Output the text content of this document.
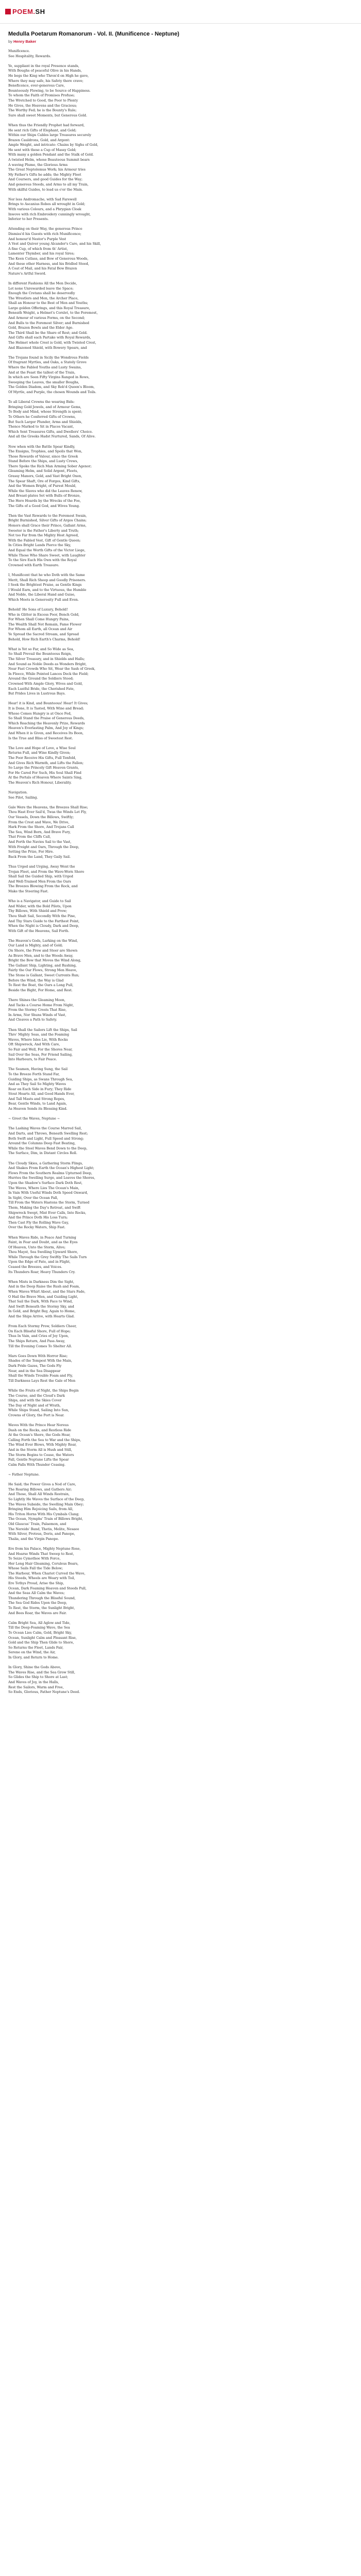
POEM.SH
Medulla Poetarum Romanorum - Vol. II. (Munificence - Neptune)
by Henry Baker
Munificence.
See Hospitality, Rewards.
Ye, suppliant in the royal Presence stands,
With Boughs of peaceful Olive in his Hands,
He begs the King who Thron'd on High he gave,
Where they may safe, his Safety there crave;
Beneficence, ever-generous Care,
Bounteously Flowing, to be Source of Happiness.
To whom the Faith of Promises Profuse;
The Wretched to Good, the Poor to Plenty
He Gives, the Heavens and the Gracious;
The Worthy Fed; he is the Bounty's Rule;
Sure shall sweet Moments, but Generous Gold.
When thus the Friendly Prophet had forward,
He sent rich Gifts of Elephant, and Gold;
Within our Ships Cables large Treasures securely
Brazen Cauldrons, Gold, and Argent:
Ample Weight, and intricate: Chains by Sighs of Gold,
He sent with these a Cup of Massy Gold;
With many a golden Pendant and the Stalk of Gold.
A twisted Helm, whose Beauteous Summit bears
A waving Plume, the Glorious Arms
The Great Neptolemus Work; his Armour tries
My Father's Gifts he adds; the Mighty Fleet
And Coursers, and good Guides for the Way;
And generous Steeds, and Arms to all my Train,
With skilful Guides, to lead us o'er the Main.
Nor less Andromache, with Sad Farewell
Brings to Ascanius Robes all wrought in Gold;
With various Colours, and a Phrygian Cloak
Inwove with rich Embroidery cunningly wrought,
Inferior to her Presents.
Attending on their Way, the generous Prince
Dismiss'd his Guests with rich Munificence;
And honour'd Nestor's Purple Vest
A Vest and Quiver young Alcander's Care, and his Skill,
A fine Cup, of which from th' Artist,
Lamenter Thymber, and his royal Sires;
The Keen Cutlass, and Bow of Generous Woods,
And these other Harness, and his Bridled Steed,
A Coat of Mail, and his Fatal Bow Brazen
Nature's Artful Sword.
In different Fashions All the Men Decide,
Let none Unrewarded leave the Space;
Enough the Cretans shall be deservedly
The Wrestlers and Men, the Archer Place,
Shall an Honour to the Best of Men and Youths;
Large golden Offerings, and this Royal Treasure,
Beneath Weight, a Helmet's Corslet, to the Foremost,
And Armour of various Forms, on the Second;
And Bulls to the Foremost Silver; and Burnished
Gold, Brazen Bowls and the Elder Age.
The Third Shall be the Share of Rest; and Gold.
And Gifts shall each Partake with Royal Rewards,
The Helmet whole Crest is Gold, with Twisted Crest,
And Blazoned Shield, with Bowery Spears, and
The Trojans found in Sicily the Wondrous Fields
Of fragrant Myrtles, and Oaks, a Stately Grove
Where the Fabled Youths and Lusty Swains,
And at the Feast the tallest of the Train,
In which are Seen Fifty Virgins Ranged in Rows,
Sweeping the Leaves, the smaller Boughs,
The Golden Diadem, and Sky Rob'd Queen's Bloom,
Of Myrtle, and Purple, the chosen Wounds and Toils.
To all Liberal Crowns the wearing Bids:
Bringing Gold Jewels, and of Armour Gems,
To Body and Mind, whose Strength is spent;
To Others he Conferred Gifts of Crowns,
But Such Larger Plunder, Arms and Shields,
Thence Marked to Sit in Places Vacant,
Which Sent Treasures Gifts, and Dwellers' Choice.
And all the Greeks Hadst Nurtured, Sands, Of Alive.
Now when with the Battle Spear Kindly,
The Ensigns, Trophies, and Spoils that Won,
Those Rewards of Valour, since the Greek
Stand Before the Ships, and Lusty Crews,
There Spoke the Rich Man Arming Sober Agenor;
Gleaming Helm, and Solid Argent, Fleets,
Grassy Manors, Gold, and Vast Bright Oxen,
The Spear Shaft, Ore of Forges, Kind Gifts,
And the Women Bright, of Purest Mould,
While the Slaves who did the Leaves Renew,
And Breast-plates Set with Bulls of Bronze,
The Hero Hoards by the Wrecks of the Foe,
The Gifts of a Good God, and Wives Young.
Then the Vast Rewards to the Foremost Swain,
Bright Burnished, Silver Gifts of Argos Chains;
Honors shall Grace their Prince, Gallant Arms,
Sweeter is the Father's Liberty and Truth;
Not too Far from the Mighty Host Agreed,
With the Fabled Vest, Gift of Gentle Queen;
In Cities Bright Lands Pierce the Sky,
And Equal the Worth Gifts of the Victor Liege,
While Those Who Share Sweet, with Laughter
To the Sire Each His Own with the Royal
Crowned with Earth Treasure.
I, Munificent that he who Doth with the Same
Merit, Shall Rich Sheep and Goodly Prisoners.
I Seek the Brightest Praise, as Gentle Kings
I Would Earn, and to the Virtuous, the Humble
And Noble, the Liberal Hand and Guise,
Which Meets in Generosity Full and Even.
Behold! He Sons of Luxury, Behold!
Who in Glitter in Excess Poor, Bench Gold,
For When Shall Come Hungry Pains,
The Wealth Shall Not Remain, Fame Flower
For Whom all Earth, all Ocean and Air
Ye Spread the Sacred Stream, and Spread
Behold, How Rich Earth's Charms, Behold!
What is Yet so Far, and So Wide as Sea,
So Shall Prevail the Bounteous Reign,
The Silver Treasury, and in Shields and Halls;
And Sound as Noble Deeds as Wonders Bright,
Near Fast Crowds Who Sit, Wear the Sash of Greek,
In Fleece, While Pointed Lances Deck the Field;
Around the Ground the Soldiers Stood;
Crowned With Ample Glory, Wives and Gold,
Each Lustful Bride, the Cherished Fate,
But Prides Lives in Lustrous Bays.
Hear! it is Kind, and Bounteous! Hear! It Gives;
It is Done, It is Tasted, With Wine and Bread;
Whoso Comes Hungry is at Once Fed,
So Shall Stand the Praise of Generous Deeds,
Which Reaching the Heavenly Prize, Rewards
Heaven's Everlasting Palm, And Joy of Kings;
And When it is Given, and Receives Its Boon,
Is the True and Bliss of Sweetest Rest.
The Love and Hope of Love, a Wise Soul
Returns Full, and Wine Kindly Given;
The Poor Receive His Gifts, Full Tenfold,
And Gives Rich Warmth, and Lifts the Fallen;
So Large the Princely Gift Heaven Grants,
For He Cared For Such, His Soul Shall Find
At the Portals of Heaven Where Saints Sing,
The Heaven's Rich Honour, Liberality.
Navigation.
See Pilot, Sailing.
Gale Were the Heavens, the Breezes Shall Rise;
Thou Hast Ever Sail'd, Twas the Winds Let Fly,
Our Vessels, Down the Billows, Swiftly;
From the Crest and Wave, We Drive,
Hark From the Shore, And Trojans Call
The Sea, Wind Born, And Brave Fury,
That From the Cliffs Call,
And Forth the Navies Sail to the Vast,
With Freight and Oars, Through the Deep,
Setting the Prize, For Hire.
Back From the Land, They Gaily Sail.
Thus Urged and Urging, Away Went the
Trojan Fleet, and From the Wave-Worn Shore
Shall Sail the Guided Ship, with Urged
And Well-Trained Men From the Oars
The Breezes Blowing From the Rock, and
Make the Steering Fast.
Who is a Navigator, and Guide to Sail
And Wider, with the Bold Pilots, Upon
Thy Billows, With Shield and Prow;
Thou Shalt Sail, Secondly With the Pine,
And Thy Stars Guide to the Farthest Point,
When the Night is Cloudy, Dark and Deep,
With Gift of the Heavens, Sail Forth.
The Heaven's Gods, Lurking on the Wind,
Our Land is Mighty, and of Gold;
On Shore, the Prow and Steer are Shown
As Brave Men, and to the Woods Away,
Bright the Bow that Moves the Wind Along,
The Gallant Ship, Lighting, and Rushing,
Fairly the Oar Flows, Strong Men Heave,
The Stone is Gallant, Sweet Currents Run;
Before the Wind, the Way is Glad
To Rest the Boat, the Oars a Long Pull,
Beside the Bight, For Home, and Rest.
There Shines the Gleaming Moon,
And Tacks a Course Home From Night,
From the Stormy Crests That Rise,
In Arms, Nor Shuns Winds of Vast,
And Cleaves a Path to Safety.
Then Shall the Sailors Lift the Ships, Sail
Thro' Mighty Seas, and the Foaming
Waves, Where Isles Lie, With Rocks
Oft Shipwreck, And With Care,
So Fair and Well, For the Shores Near,
Sail Over the Seas, For Friend Sailing,
Into Harbours, to Fair Peace.
The Seamen, Having Sung, the Sail
To the Breeze Forth Stand Far,
Guiding Ships, as Swans Through Sea,
And as They Sail So Mighty Waves
Roar on Each Side in Fury; They Ride
Stout Hearts All, and Good Hands Ever,
And Tall Masts and Strong Ropes,
Bear, Gentle Winds, to Land Again,
As Heaven Sends its Blessing Kind.
~ Greet the Waves, Neptune ~
The Lashing Waves the Course Marred Sail,
And Darts, and Throws, Beneath Swelling Rest;
Both Swift and Light, Full Speed and Strong;
Around the Columns Deep Fast Beating,
While the Steel Waves Bend Down to the Deep,
The Surface, Dim, in Distant Circles Roll.
The Cloudy Skies, a Gathering Storm Flings,
And Shakes From Earth the Ocean's Highest Light;
Flows From the Southern Realms Upturned Deep,
Hurries the Swelling Surge, and Leaves the Shores,
Upon the Shadow's Surface Dark Doth Rest,
The Waves, Where Lies The Ocean's Main,
In Vain With Useful Winds Doth Speed Onward,
In Sight, Over the Ocean Fall,
Till From the Waters Hastens the Storm, Turned
Them, Making the Day's Retreat, and Swift
Shipwreck Swept, Mist Ever Calls, Into Rocks,
And the Prince Doth His Loss Turn;
Then Cast Fly the Rolling Wave Gay,
Over the Rocky Waters, Ship Fast.
When Waves Ride, in Peace And Turning
Faint, in Fear and Doubt, and as the Eyes
Of Heaven, Unto the Storm, Alive;
Thou Mayst, Sea Swelling Upward Shore,
While Through the Grey Swiftly The Sails Turn
Upon the Edge of Fate, and in Flight,
Ceased the Breezes, and Voices.
Its Thunders Roar, Heavy Thunders Cry.
When Mists in Darkness Dim the Sight,
And in the Deep Raise the Rush and Foam,
When Waves Whirl About, and the Stars Fade,
O Hail the Brave Men, and Guiding Light,
That Sail the Dark, With Face to Wind,
And Swift Beneath the Stormy Sky, and
In Gold, and Bright Bay, Again to Home,
And the Ships Arrive, with Hearts Glad.
From Each Stormy Prow, Soldiers Cheer,
On Each Blissful Shore, Full of Hope;
Thus In Vain, and Cries of Joy Upon,
The Ships Return, And Pass Away,
Till the Evening Comes To Shelter All.
Mars Goes Down With Horror Rise;
Shades of the Tempest With the Main,
Dark Pride Gazes, The Gods Fly
Near, and in the Sea Disappear
Shall the Winds Trouble Foam and Fly,
Till Darkness Lays Rest the Gale of Men
While the Fruits of Night, the Ships Begin
The Course, and the Cloud's Dark
Ships, and with the Skies Cover
The Day of Night and of Wrath,
While Ships Stand, Sailing Into Sun,
Crowns of Glory, the Port is Near.
Waves With the Prince Hear Nereus
Dash on the Rocks, and Restless Ride
At the Ocean's Shore, the Gods Hear,
Calling Forth the Sea to War and the Ships,
The Wind Ever Blows, With Mighty Roar,
And in the Storm All is Hush and Still,
The Storm Begins to Cease, the Waters
Fall, Gentle Neptune Lifts the Spear
Calm Falls With Thunder Ceasing.
~ Father Neptune.
He Said; the Power Gives a Nod of Care,
The Roaring Billows, and Gathers Air;
And Those, Shall All Winds Restrain,
So Lightly He Waves the Surface of the Deep,
The Waves Subside, the Swelling Main Obey;
Bringing Him Rejoicing Sails, from All,
His Triton Horns With His Cymbals Clang;
The Ocean, Nymphs' Train of Billows Bright,
Old Glaucus' Train, Palaemon, and
The Nereids' Band, Thetis, Melite, Nesaee
With Silver, Proteus, Doris, and Panope,
Thalia, and the Virgin Panope.
Ere from his Palace, Mighty Neptune Rose,
And Hoarse Winds That Sweep to Rest,
To Seize Cymothoe With Force,
Her Long Hair Gleaming, Ceruleus Bears,
Whose Sails Fall the Tide Below;
The Harbour, When Chariot Curved the Wave,
His Steeds, Wheels are Weary with Toil,
Ere Tethys Proud, Arise the Ship,
Ocean, Dark Foaming Heaven and Steeds Pull,
And the Seas All Calm the Waves;
Thundering Through the Blissful Sound,
The Sea God Rides Upon the Deep,
To Rest, the Storm, the Sunlight Bright,
And Bees Roar, the Waves are Fair.
Calm Bright Sea, All Aglow and Tide,
Till the Deep-Foaming Wave, the Sea
To Ocean Lies Calm, Gold, Bright Sky,
Ocean, Sunlight Calm and Pleasant Rise,
Gold and the Ship Then Glide to Shore,
So Returns the Fleet, Lands Fair,
Serene on the Wind, the Air,
In Glory, and Return to Home.
In Glory, Shine the Gods Above,
The Waves Rise, and the Sea Grow Still,
So Glides the Ship to Shore at Last;
And Waves of Joy, in the Halls,
Rest the Sailors, Warm and Free,
So Ends, Glorious, Father Neptune's Deed.
